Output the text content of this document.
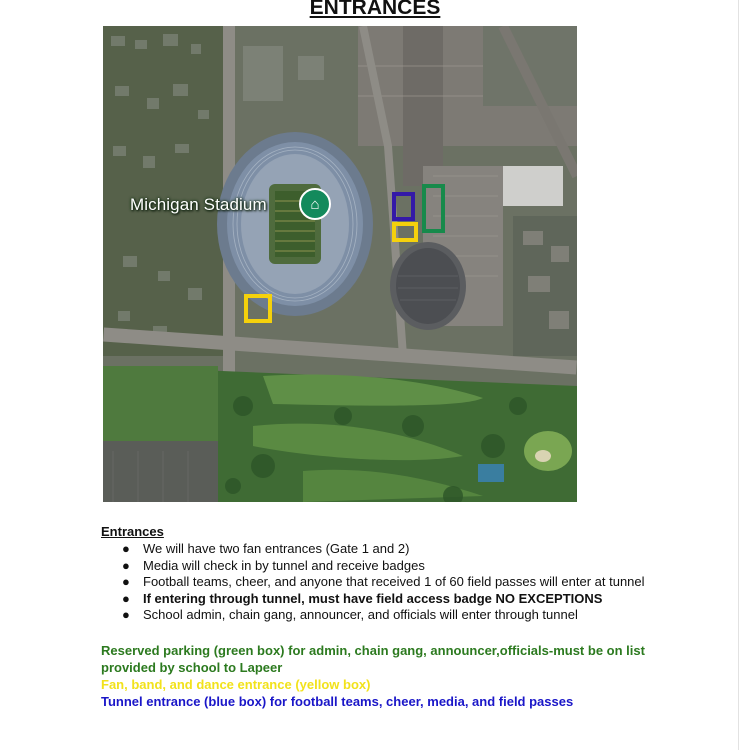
ENTRANCES
Michigan Stadium	⌂
Entrances
● We will have two fan entrances (Gate 1 and 2)
● Media will check in by tunnel and receive badges
● Football teams, cheer, and anyone that received 1 of 60 field passes will enter at tunnel
● If entering through tunnel, must have field access badge NO EXCEPTIONS
● School admin, chain gang, announcer, and officials will enter through tunnel

Reserved parking (green box) for admin, chain gang, announcer,officials-must be on list provided by school to Lapeer

Fan, band, and dance entrance (yellow box)

Tunnel entrance (blue box) for football teams, cheer, media, and field passes
